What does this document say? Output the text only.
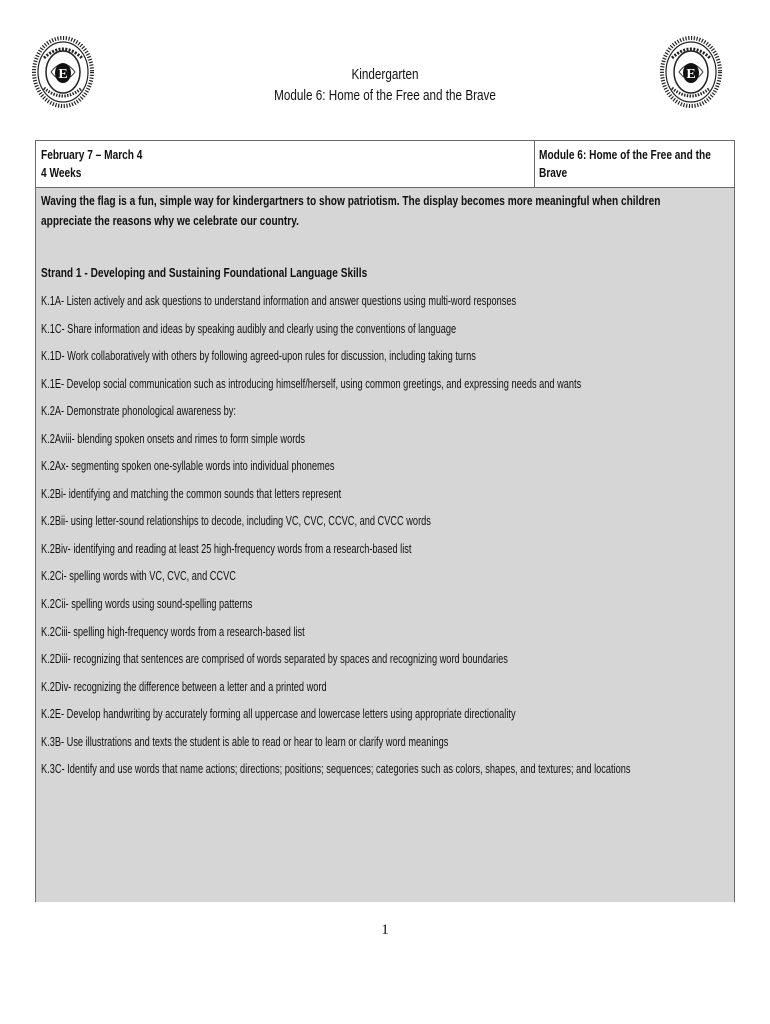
E	E
Kindergarten
Module 6: Home of the Free and the Brave
February 7 – March 4
4 Weeks
Module 6: Home of the Free and the Brave
Waving the flag is a fun, simple way for kindergartners to show patriotism. The display becomes more meaningful when children appreciate the reasons why we celebrate our country.
Strand 1 - Developing and Sustaining Foundational Language Skills
K.1A- Listen actively and ask questions to understand information and answer questions using multi-word responses
K.1C- Share information and ideas by speaking audibly and clearly using the conventions of language
K.1D- Work collaboratively with others by following agreed-upon rules for discussion, including taking turns
K.1E- Develop social communication such as introducing himself/herself, using common greetings, and expressing needs and wants
K.2A- Demonstrate phonological awareness by:
K.2Aviii- blending spoken onsets and rimes to form simple words
K.2Ax- segmenting spoken one-syllable words into individual phonemes
K.2Bi- identifying and matching the common sounds that letters represent
K.2Bii- using letter-sound relationships to decode, including VC, CVC, CCVC, and CVCC words
K.2Biv- identifying and reading at least 25 high-frequency words from a research-based list
K.2Ci- spelling words with VC, CVC, and CCVC
K.2Cii- spelling words using sound-spelling patterns
K.2Ciii- spelling high-frequency words from a research-based list
K.2Diii- recognizing that sentences are comprised of words separated by spaces and recognizing word boundaries
K.2Div- recognizing the difference between a letter and a printed word
K.2E- Develop handwriting by accurately forming all uppercase and lowercase letters using appropriate directionality
K.3B- Use illustrations and texts the student is able to read or hear to learn or clarify word meanings
K.3C- Identify and use words that name actions; directions; positions; sequences; categories such as colors, shapes, and textures; and locations
1
